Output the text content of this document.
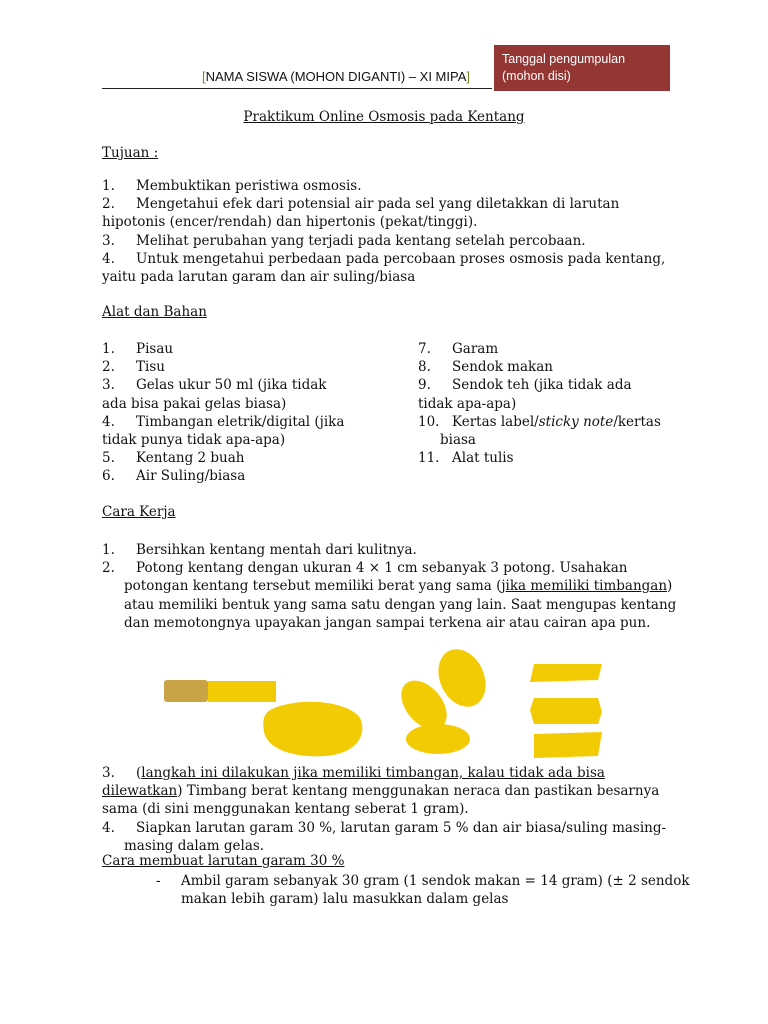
[NAMA SISWA (MOHON DIGANTI) – XI MIPA]
Tanggal pengumpulan
(mohon disi)
Praktikum Online Osmosis pada Kentang
Tujuan :
1. Membuktikan peristiwa osmosis.
2. Mengetahui efek dari potensial air pada sel yang diletakkan di larutan hipotonis (encer/rendah) dan hipertonis (pekat/tinggi).
3. Melihat perubahan yang terjadi pada kentang setelah percobaan.
4. Untuk mengetahui perbedaan pada percobaan proses osmosis pada kentang, yaitu pada larutan garam dan air suling/biasa
Alat dan Bahan
1. Pisau
2. Tisu
3. Gelas ukur 50 ml (jika tidak ada bisa pakai gelas biasa)
4. Timbangan eletrik/digital (jika tidak punya tidak apa-apa)
5. Kentang 2 buah
6. Air Suling/biasa
7. Garam
8. Sendok makan
9. Sendok teh (jika tidak ada tidak apa-apa)
10. Kertas label/sticky note/kertas biasa
11. Alat tulis
Cara Kerja
1. Bersihkan kentang mentah dari kulitnya.
2. Potong kentang dengan ukuran 4 × 1 cm sebanyak 3 potong. Usahakan potongan kentang tersebut memiliki berat yang sama (jika memiliki timbangan) atau memiliki bentuk yang sama satu dengan yang lain. Saat mengupas kentang dan memotongnya upayakan jangan sampai terkena air atau cairan apa pun.
3. (langkah ini dilakukan jika memiliki timbangan, kalau tidak ada bisa dilewatkan) Timbang berat kentang menggunakan neraca dan pastikan besarnya sama (di sini menggunakan kentang seberat 1 gram).
4. Siapkan larutan garam 30 %, larutan garam 5 % dan air biasa/suling masing-masing dalam gelas.
Cara membuat larutan garam 30 %
-	Ambil garam sebanyak 30 gram (1 sendok makan = 14 gram) (± 2 sendok makan lebih garam) lalu masukkan dalam gelas
